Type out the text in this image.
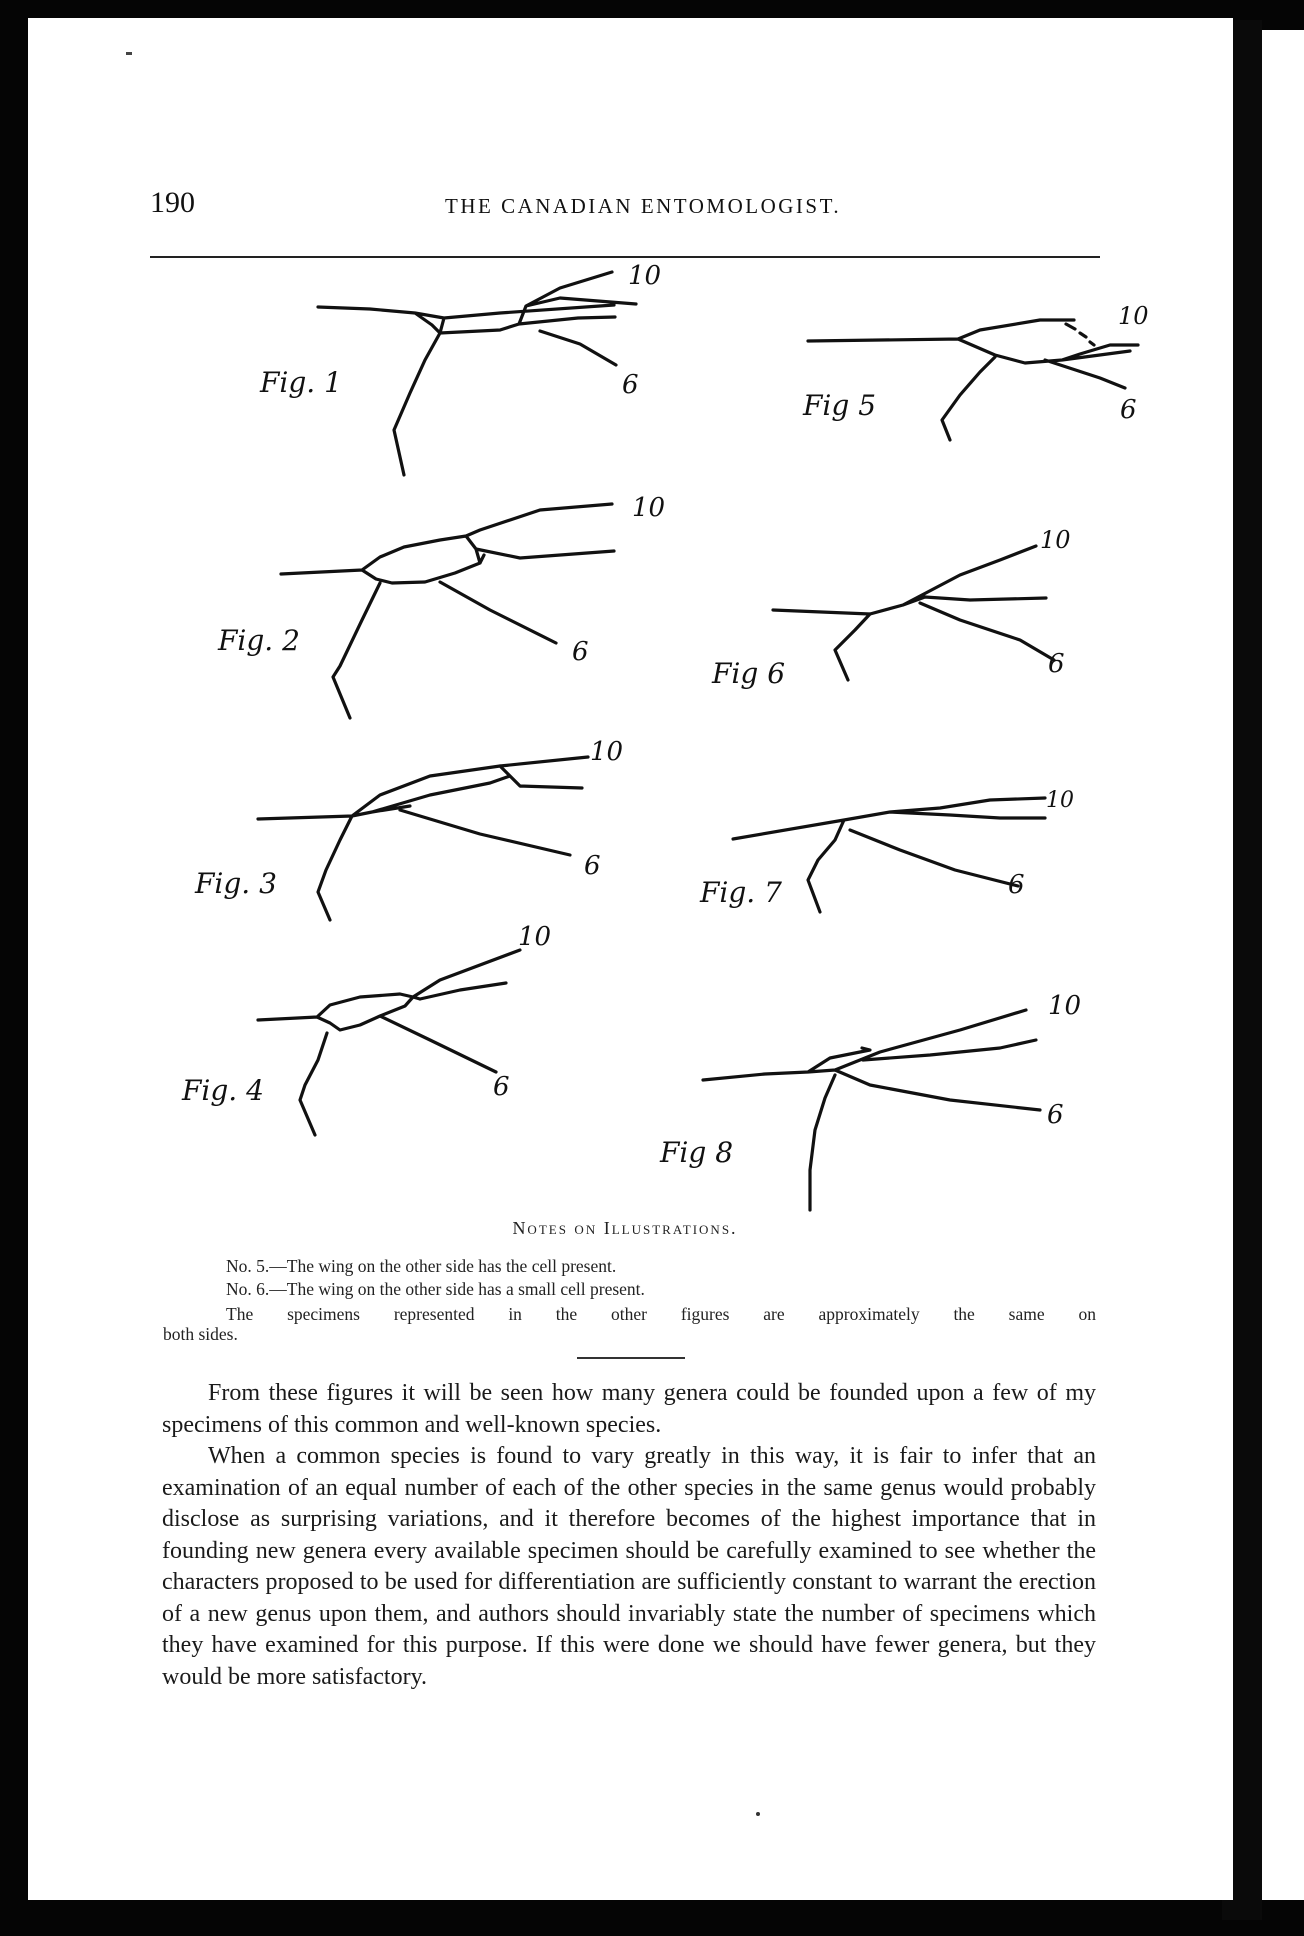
190	THE CANADIAN ENTOMOLOGIST.
Fig. 1
10
6
Fig. 2
10
6
Fig. 3
10
6
Fig. 4
10
6
Fig 5
10
6
Fig 6
10
6
Fig. 7
10
6
Fig 8
10
6
Notes on Illustrations.
No. 5.—The wing on the other side has the cell present.
No. 6.—The wing on the other side has a small cell present.
The specimens represented in the other figures are approximately the same on
both sides.

From these figures it will be seen how many genera could be founded upon a few of my specimens of this common and well-known species.

When a common species is found to vary greatly in this way, it is fair to infer that an examination of an equal number of each of the other species in the same genus would probably disclose as surprising variations, and it therefore becomes of the highest importance that in founding new genera every available specimen should be carefully examined to see whether the characters proposed to be used for differentiation are sufficiently constant to warrant the erection of a new genus upon them, and authors should invariably state the number of specimens which they have examined for this purpose. If this were done we should have fewer genera, but they would be more satisfactory.
